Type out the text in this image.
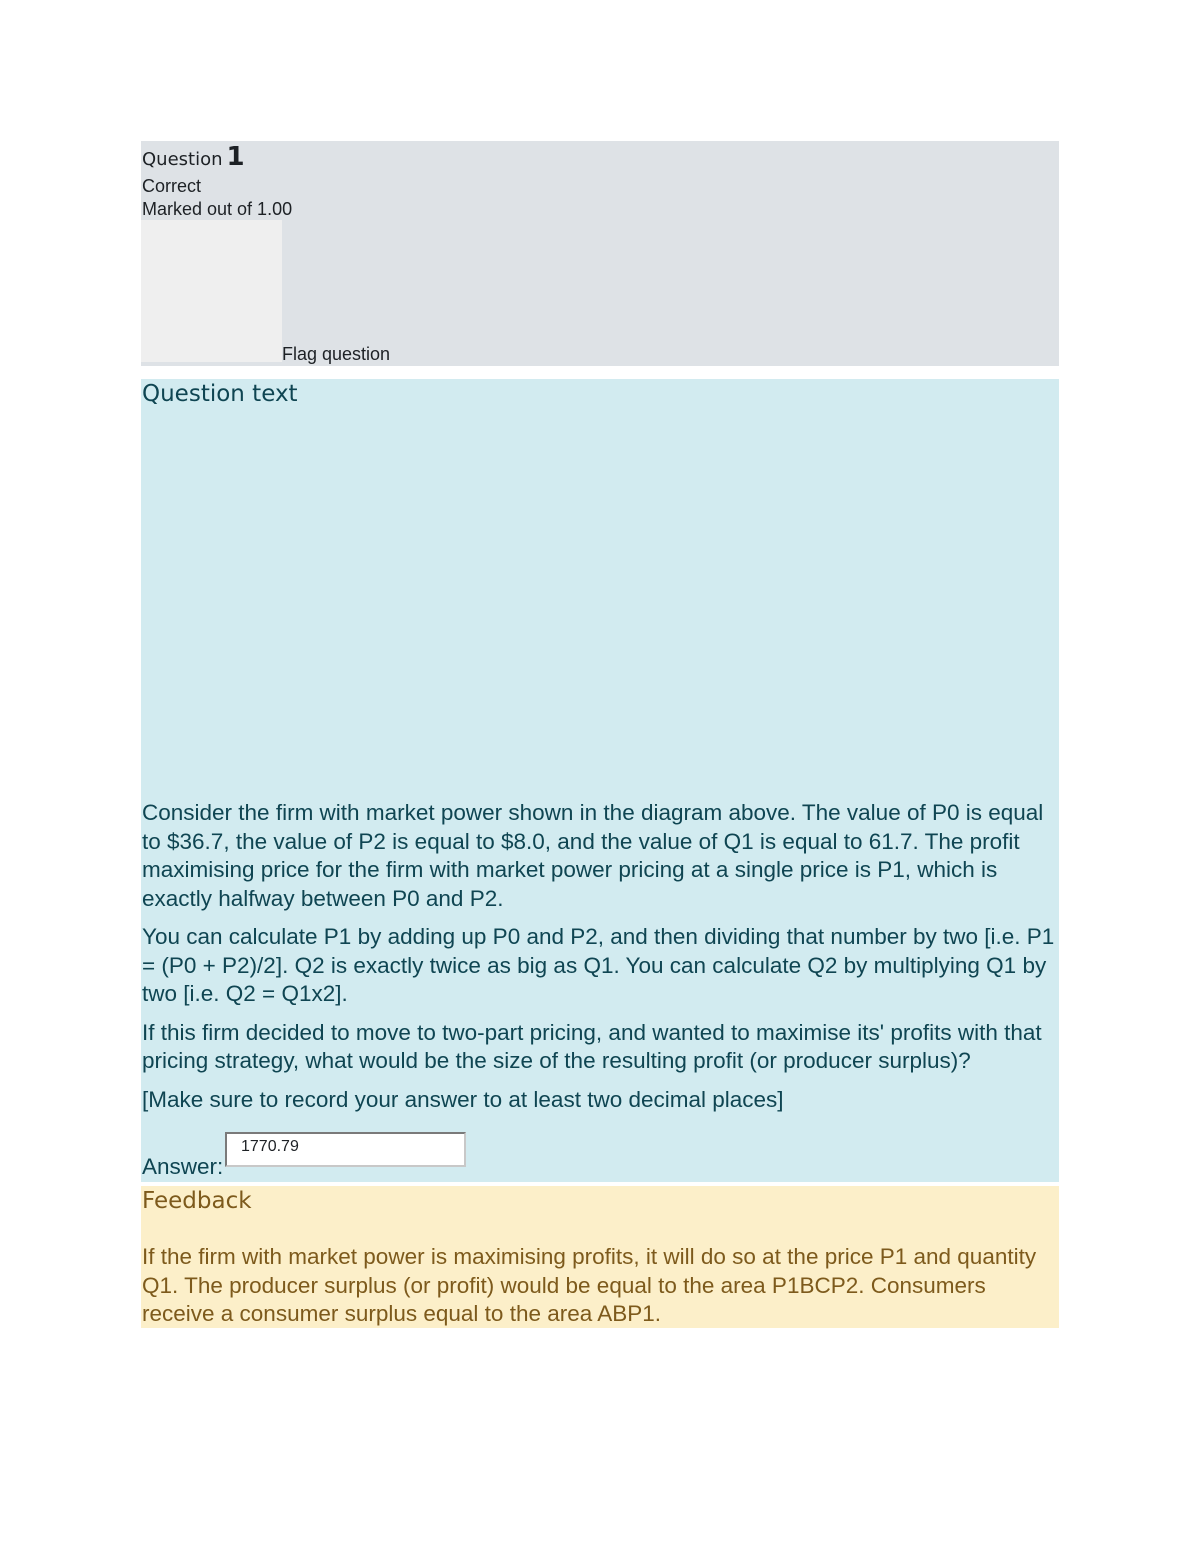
Question 1
Correct
Marked out of 1.00
Flag question
Question text

Consider the firm with market power shown in the diagram above. The value of P0 is equal to $36.7, the value of P2 is equal to $8.0, and the value of Q1 is equal to 61.7. The profit maximising price for the firm with market power pricing at a single price is P1, which is exactly halfway between P0 and P2.

You can calculate P1 by adding up P0 and P2, and then dividing that number by two [i.e. P1 = (P0 + P2)/2]. Q2 is exactly twice as big as Q1. You can calculate Q2 by multiplying Q1 by two [i.e. Q2 = Q1x2].

If this firm decided to move to two-part pricing, and wanted to maximise its' profits with that pricing strategy, what would be the size of the resulting profit (or producer surplus)?

[Make sure to record your answer to at least two decimal places]

Answer:
1770.79
Feedback
If the firm with market power is maximising profits, it will do so at the price P1 and quantity Q1. The producer surplus (or profit) would be equal to the area P1BCP2. Consumers receive a consumer surplus equal to the area ABP1.
